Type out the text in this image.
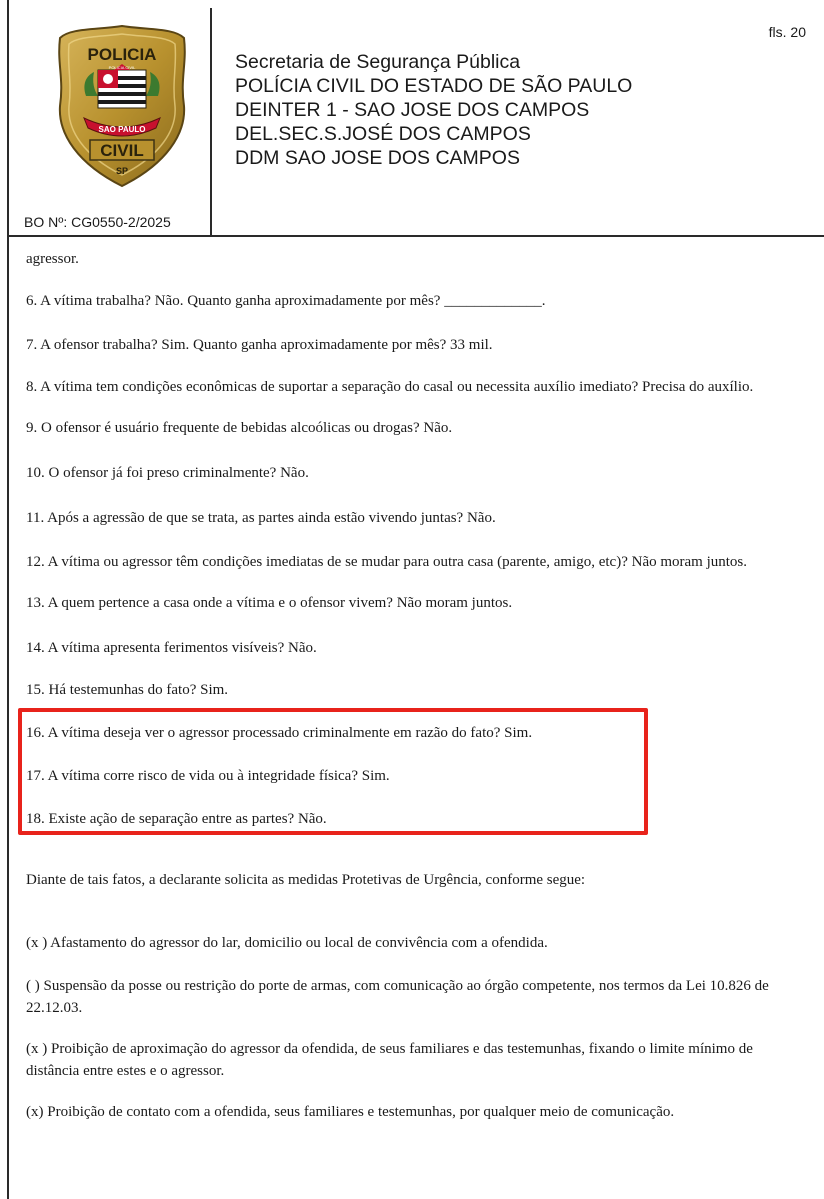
fls. 20
POLICIA
POLICIA CIVIL
SAO PAULO
CIVIL
SP
Secretaria de Segurança Pública
POLÍCIA CIVIL DO ESTADO DE SÃO PAULO
DEINTER 1 - SAO JOSE DOS CAMPOS
DEL.SEC.S.JOSÉ DOS CAMPOS
DDM SAO JOSE DOS CAMPOS
BO Nº: CG0550-2/2025

agressor.

6. A vítima trabalha? Não. Quanto ganha aproximadamente por mês? _____________.

7. A ofensor trabalha? Sim. Quanto ganha aproximadamente por mês? 33 mil.

8. A vítima tem condições econômicas de suportar a separação do casal ou necessita auxílio imediato? Precisa do auxílio.

9. O ofensor é usuário frequente de bebidas alcoólicas ou drogas? Não.

10. O ofensor já foi preso criminalmente? Não.

11. Após a agressão de que se trata, as partes ainda estão vivendo juntas? Não.

12. A vítima ou agressor têm condições imediatas de se mudar para outra casa (parente, amigo, etc)? Não moram juntos.

13. A quem pertence a casa onde a vítima e o ofensor vivem? Não moram juntos.

14. A vítima apresenta ferimentos visíveis? Não.

15. Há testemunhas do fato? Sim.

16. A vítima deseja ver o agressor processado criminalmente em razão do fato? Sim.

17. A vítima corre risco de vida ou à integridade física? Sim.

18. Existe ação de separação entre as partes? Não.

Diante de tais fatos, a declarante solicita as medidas Protetivas de Urgência, conforme segue:

(x ) Afastamento do agressor do lar, domicilio ou local de convivência com a ofendida.

( ) Suspensão da posse ou restrição do porte de armas, com comunicação ao órgão competente, nos termos da Lei 10.826 de 22.12.03.

(x ) Proibição de aproximação do agressor da ofendida, de seus familiares e das testemunhas, fixando o limite mínimo de distância entre estes e o agressor.

(x) Proibição de contato com a ofendida, seus familiares e testemunhas, por qualquer meio de comunicação.
